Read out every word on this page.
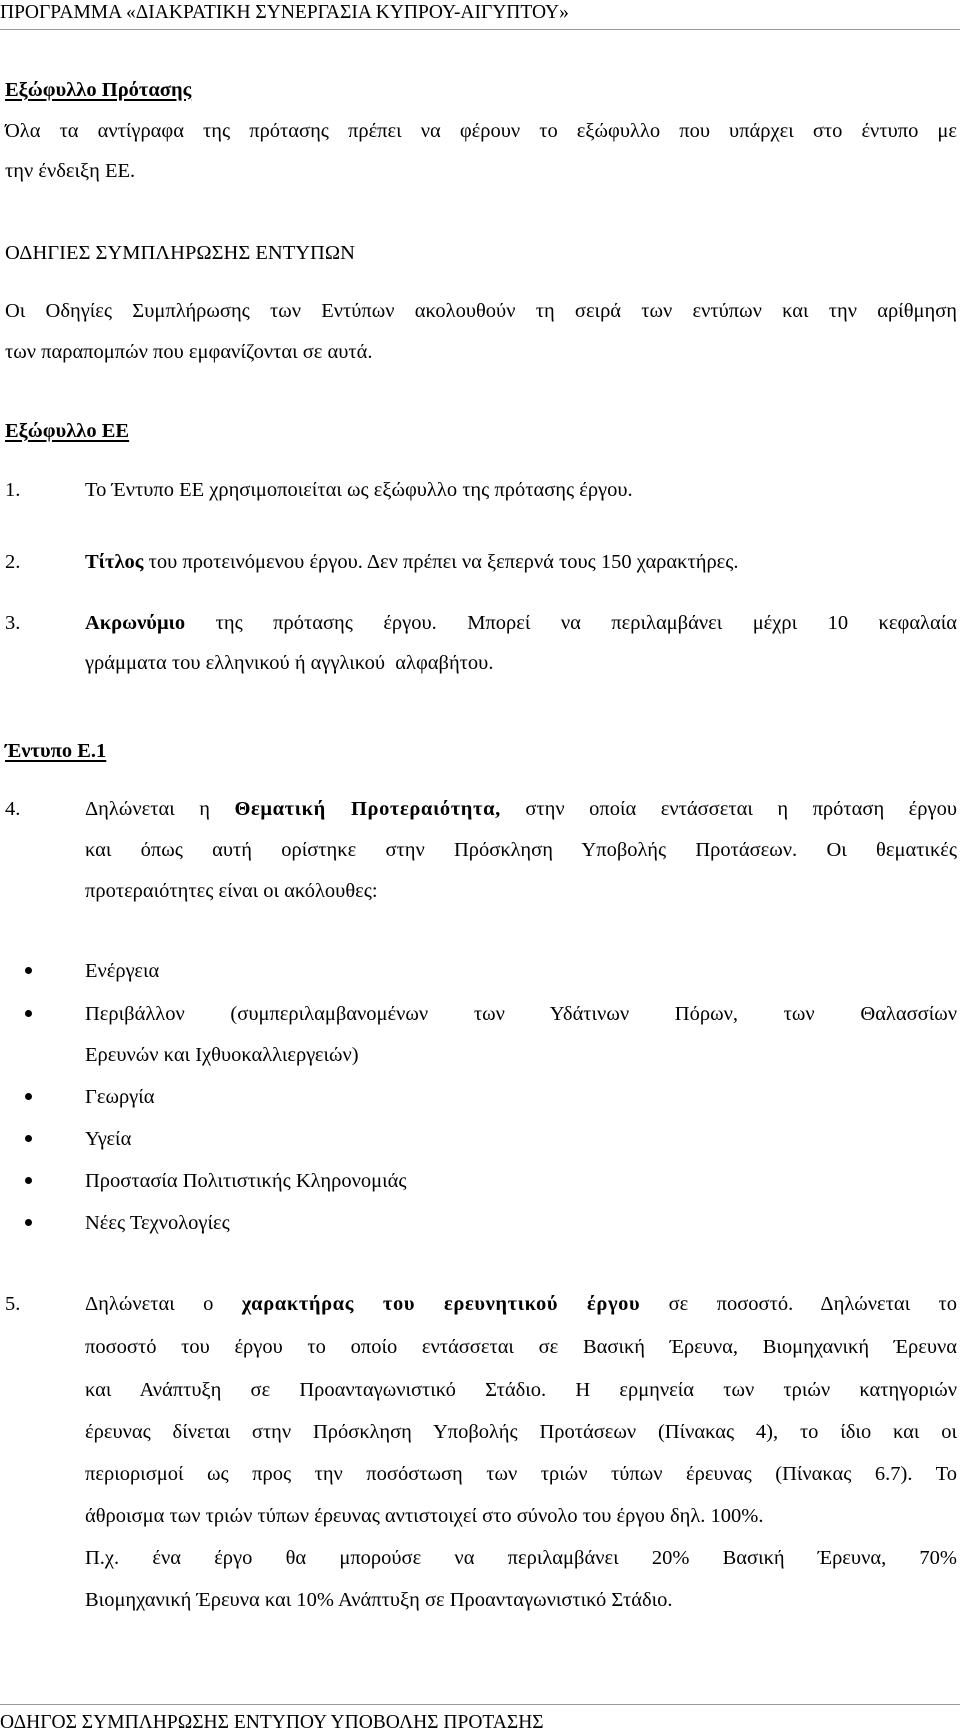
ΠΡΟΓΡΑΜΜΑ «ΔΙΑΚΡΑΤΙΚΗ ΣΥΝΕΡΓΑΣΙΑ ΚΥΠΡΟΥ-ΑΙΓΥΠΤΟΥ»
Εξώφυλλο Πρότασης
Όλα τα αντίγραφα της πρότασης πρέπει να φέρουν το εξώφυλλο που υπάρχει στο έντυπο με
την ένδειξη ΕΕ.
ΟΔΗΓΙΕΣ ΣΥΜΠΛΗΡΩΣΗΣ ΕΝΤΥΠΩΝ
Οι Οδηγίες Συμπλήρωσης των Εντύπων ακολουθούν τη σειρά των εντύπων και την αρίθμηση
των παραπομπών που εμφανίζονται σε αυτά.
Εξώφυλλο ΕΕ
1.	Το Έντυπο ΕΕ χρησιμοποιείται ως εξώφυλλο της πρότασης έργου.
2.	Τίτλος του προτεινόμενου έργου. Δεν πρέπει να ξεπερνά τους 150 χαρακτήρες.
3.	Ακρωνύμιο της πρότασης έργου. Μπορεί να περιλαμβάνει μέχρι 10 κεφαλαία
γράμματα του ελληνικού ή αγγλικού  αλφαβήτου.
Έντυπο Ε.1
4.	Δηλώνεται η Θεματική Προτεραιότητα, στην οποία εντάσσεται η πρόταση έργου
και όπως αυτή ορίστηκε στην Πρόσκληση Υποβολής Προτάσεων. Οι θεματικές
προτεραιότητες είναι οι ακόλουθες:
Ενέργεια
Περιβάλλον (συμπεριλαμβανομένων των Υδάτινων Πόρων, των Θαλασσίων
Ερευνών και Ιχθυοκαλλιεργειών)
Γεωργία
Υγεία
Προστασία Πολιτιστικής Κληρονομιάς
Νέες Τεχνολογίες
5.	Δηλώνεται ο χαρακτήρας του ερευνητικού έργου σε ποσοστό. Δηλώνεται το
ποσοστό του έργου το οποίο εντάσσεται σε Βασική Έρευνα, Βιομηχανική Έρευνα
και Ανάπτυξη σε Προανταγωνιστικό Στάδιο. Η ερμηνεία των τριών κατηγοριών
έρευνας δίνεται στην Πρόσκληση Υποβολής Προτάσεων (Πίνακας 4), το ίδιο και οι
περιορισμοί ως προς την ποσόστωση των τριών τύπων έρευνας (Πίνακας 6.7). Το
άθροισμα των τριών τύπων έρευνας αντιστοιχεί στο σύνολο του έργου δηλ. 100%.
Π.χ. ένα έργο θα μπορούσε να περιλαμβάνει 20% Βασική Έρευνα, 70%
Βιομηχανική Έρευνα και 10% Ανάπτυξη σε Προανταγωνιστικό Στάδιο.
ΟΔΗΓΟΣ ΣΥΜΠΛΗΡΩΣΗΣ ΕΝΤΥΠΟΥ ΥΠΟΒΟΛΗΣ ΠΡΟΤΑΣΗΣ
